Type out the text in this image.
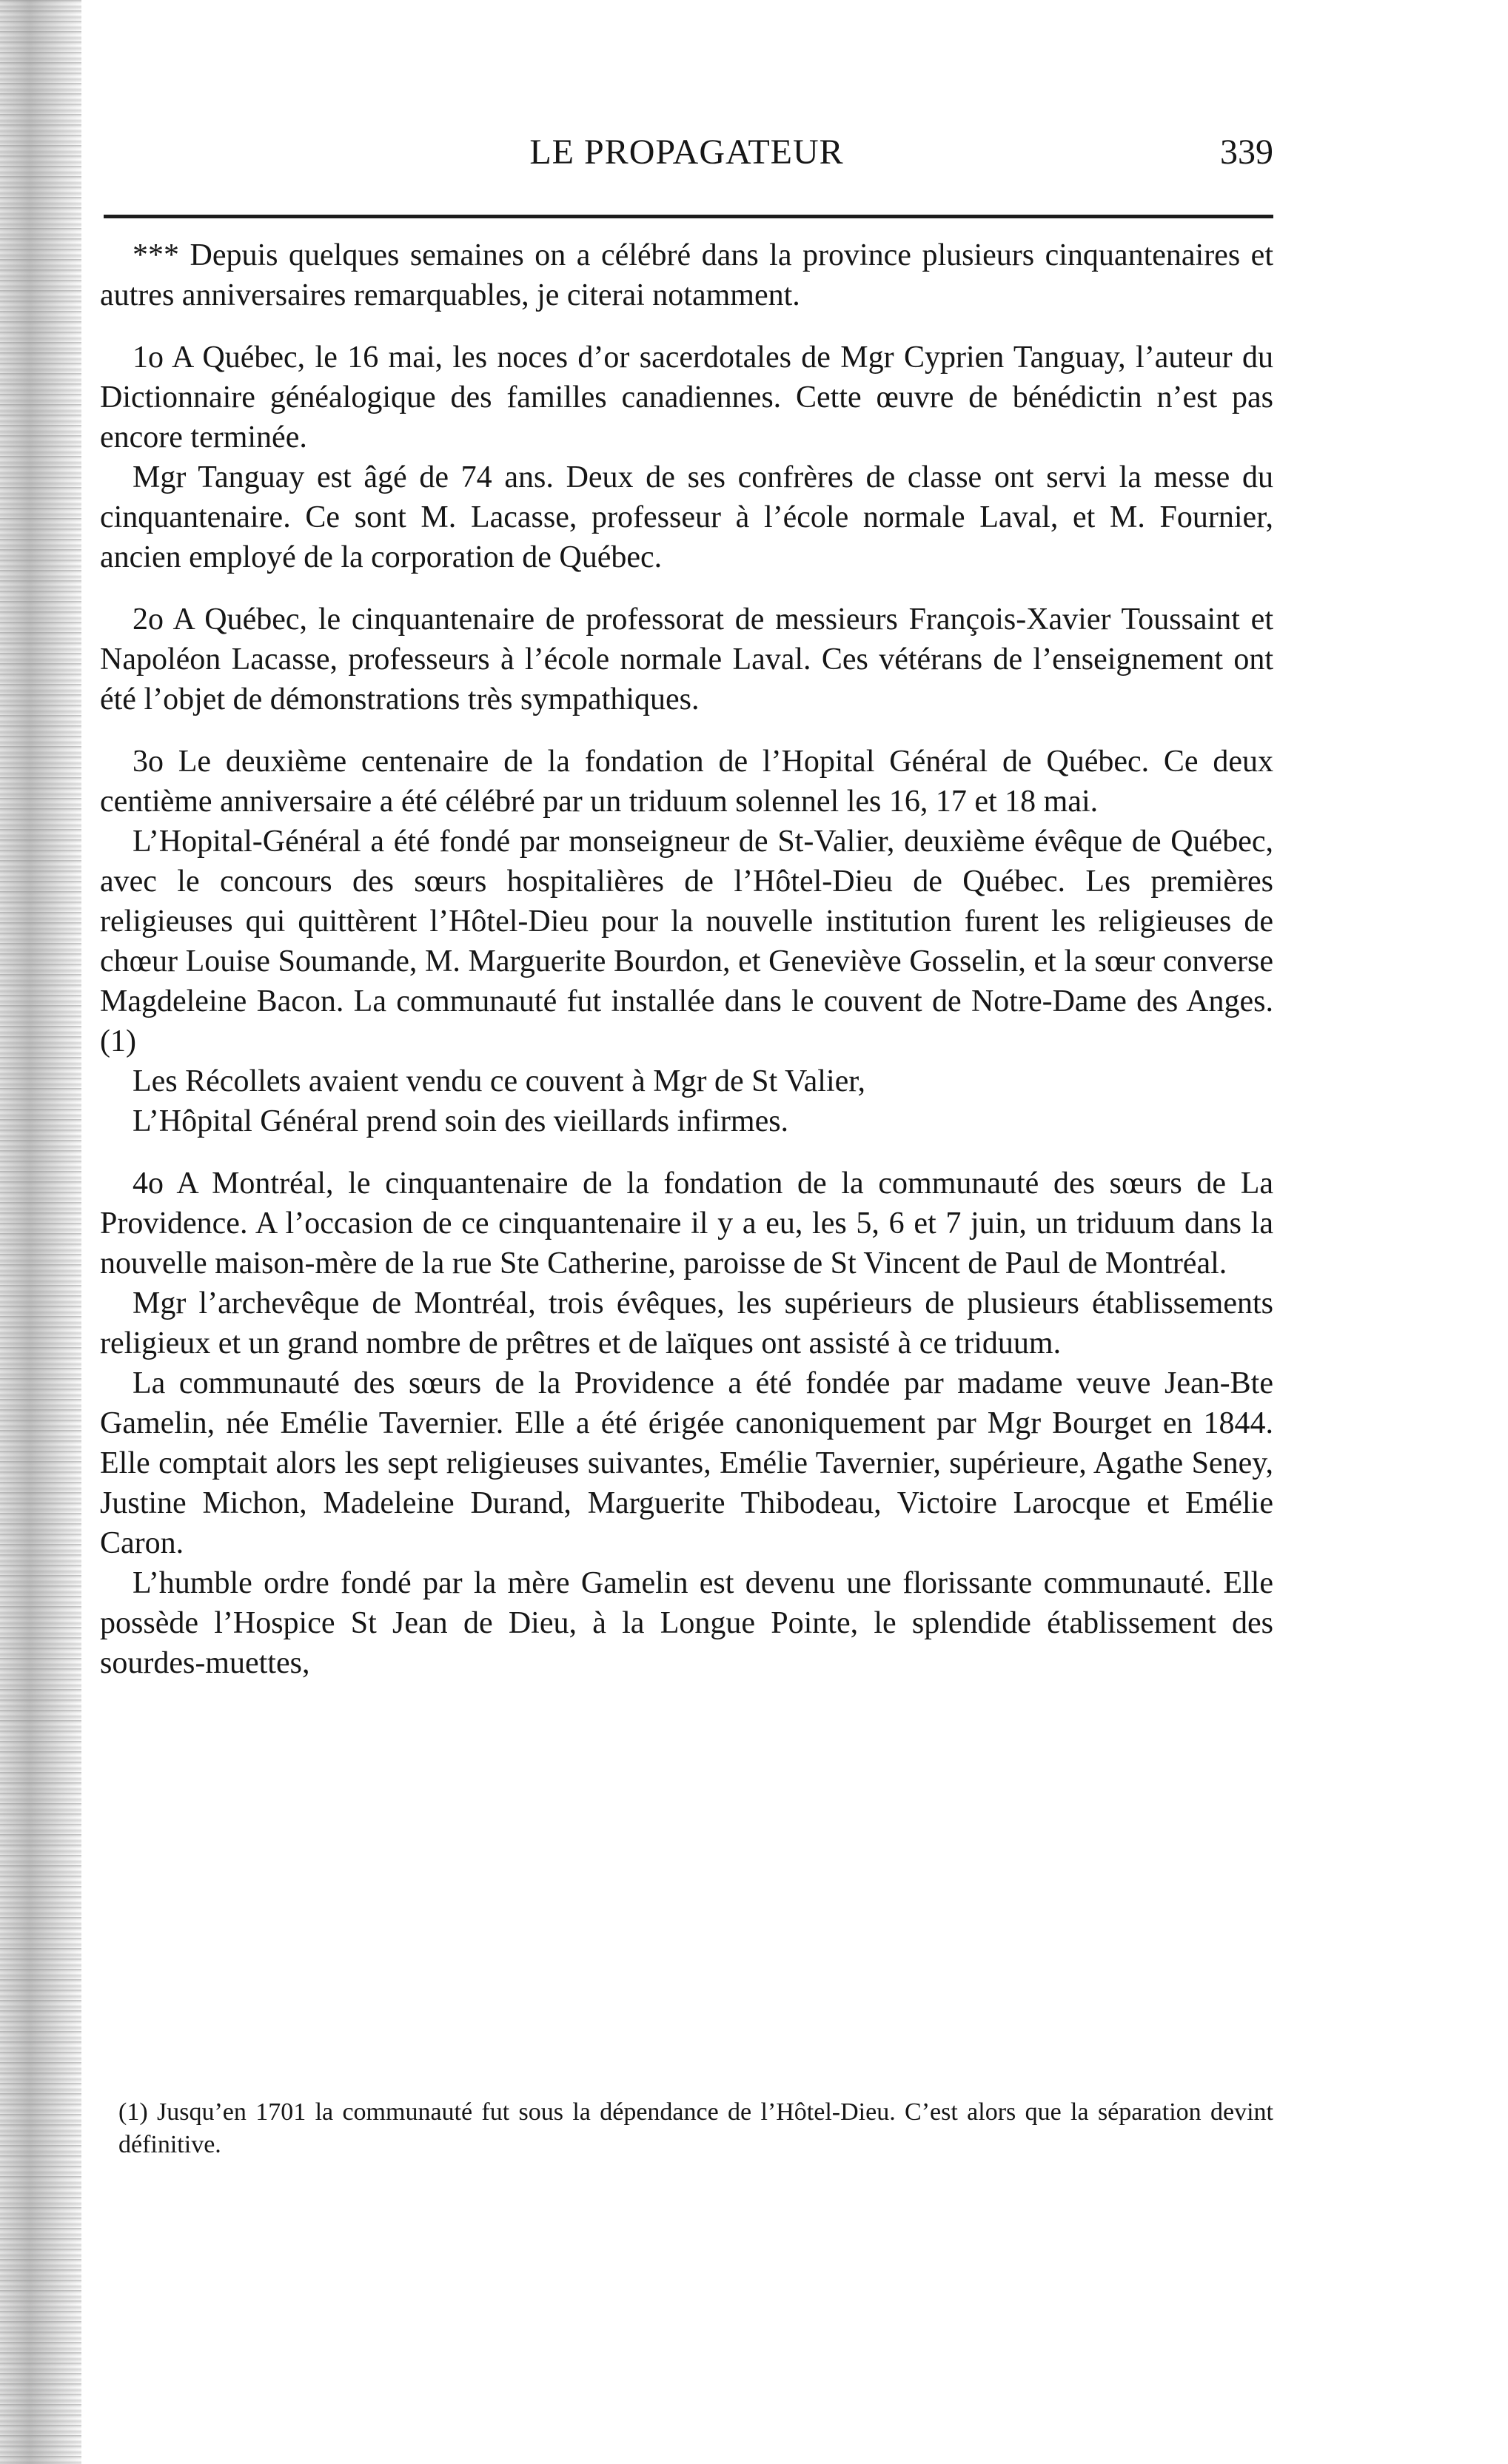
LE PROPAGATEUR	339

*** Depuis quelques semaines on a célébré dans la province plusieurs cinquantenaires et autres anniversaires remarquables, je citerai notamment.

1o A Québec, le 16 mai, les noces d’or sacerdotales de Mgr Cyprien Tanguay, l’auteur du Dictionnaire généalogique des familles canadiennes. Cette œuvre de bénédictin n’est pas encore terminée.

Mgr Tanguay est âgé de 74 ans. Deux de ses confrères de classe ont servi la messe du cinquantenaire. Ce sont M. Lacasse, professeur à l’école normale Laval, et M. Fournier, ancien employé de la corporation de Québec.

2o A Québec, le cinquantenaire de professorat de messieurs François-Xavier Toussaint et Napoléon Lacasse, professeurs à l’école normale Laval. Ces vétérans de l’enseignement ont été l’objet de démonstrations très sympathiques.

3o Le deuxième centenaire de la fondation de l’Hopital Général de Québec. Ce deux centième anniversaire a été célébré par un triduum solennel les 16, 17 et 18 mai.

L’Hopital-Général a été fondé par monseigneur de St-Valier, deuxième évêque de Québec, avec le concours des sœurs hospitalières de l’Hôtel-Dieu de Québec. Les premières religieuses qui quittèrent l’Hôtel-Dieu pour la nouvelle institution furent les religieuses de chœur Louise Soumande, M. Marguerite Bourdon, et Geneviève Gosselin, et la sœur converse Magdeleine Bacon. La communauté fut installée dans le couvent de Notre-Dame des Anges. (1)

Les Récollets avaient vendu ce couvent à Mgr de St Valier,

L’Hôpital Général prend soin des vieillards infirmes.

4o A Montréal, le cinquantenaire de la fondation de la communauté des sœurs de La Providence. A l’occasion de ce cinquantenaire il y a eu, les 5, 6 et 7 juin, un triduum dans la nouvelle maison-mère de la rue Ste Catherine, paroisse de St Vincent de Paul de Montréal.

Mgr l’archevêque de Montréal, trois évêques, les supérieurs de plusieurs établissements religieux et un grand nombre de prêtres et de laïques ont assisté à ce triduum.

La communauté des sœurs de la Providence a été fondée par madame veuve Jean-Bte Gamelin, née Emélie Tavernier. Elle a été érigée canoniquement par Mgr Bourget en 1844. Elle comptait alors les sept religieuses suivantes, Emélie Tavernier, supérieure, Agathe Seney, Justine Michon, Madeleine Durand, Marguerite Thibodeau, Victoire Larocque et Emélie Caron.

L’humble ordre fondé par la mère Gamelin est devenu une florissante communauté. Elle possède l’Hospice St Jean de Dieu, à la Longue Pointe, le splendide établissement des sourdes-muettes,

(1) Jusqu’en 1701 la communauté fut sous la dépendance de l’Hôtel-Dieu. C’est alors que la séparation devint définitive.
